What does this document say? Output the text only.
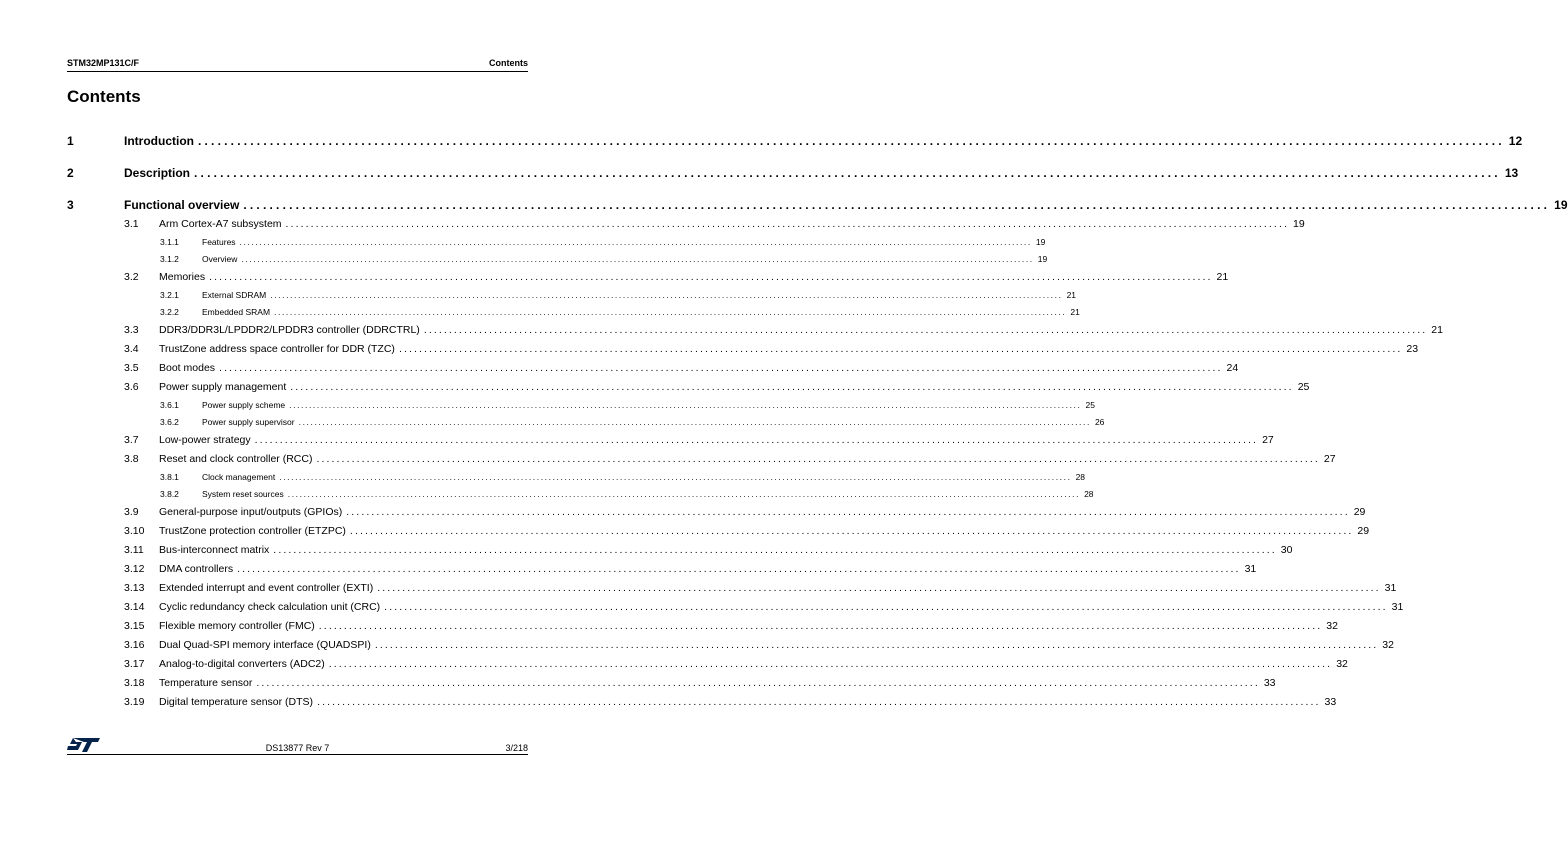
STM32MP131C/F	Contents
Contents
1	Introduction ........................................................................................................................................................................................................ 12
2	Description ........................................................................................................................................................................................................ 13
3	Functional overview ........................................................................................................................................................................................................ 19
3.1 Arm Cortex-A7 subsystem ........................................................................................................................................................................................................ 19
3.1.1	Features ........................................................................................................................................................................................................ 19
3.1.2	Overview ........................................................................................................................................................................................................ 19
3.2 Memories ........................................................................................................................................................................................................ 21
3.2.1	External SDRAM ........................................................................................................................................................................................................ 21
3.2.2	Embedded SRAM ........................................................................................................................................................................................................ 21
3.3 DDR3/DDR3L/LPDDR2/LPDDR3 controller (DDRCTRL) ........................................................................................................................................................................................................ 21
3.4 TrustZone address space controller for DDR (TZC) ........................................................................................................................................................................................................ 23
3.5 Boot modes ........................................................................................................................................................................................................ 24
3.6 Power supply management ........................................................................................................................................................................................................ 25
3.6.1	Power supply scheme ........................................................................................................................................................................................................ 25
3.6.2	Power supply supervisor ........................................................................................................................................................................................................ 26
3.7 Low-power strategy ........................................................................................................................................................................................................ 27
3.8 Reset and clock controller (RCC) ........................................................................................................................................................................................................ 27
3.8.1	Clock management ........................................................................................................................................................................................................ 28
3.8.2	System reset sources ........................................................................................................................................................................................................ 28
3.9 General-purpose input/outputs (GPIOs) ........................................................................................................................................................................................................ 29
3.10 TrustZone protection controller (ETZPC) ........................................................................................................................................................................................................ 29
3.11 Bus-interconnect matrix ........................................................................................................................................................................................................ 30
3.12 DMA controllers ........................................................................................................................................................................................................ 31
3.13 Extended interrupt and event controller (EXTI) ........................................................................................................................................................................................................ 31
3.14 Cyclic redundancy check calculation unit (CRC) ........................................................................................................................................................................................................ 31
3.15 Flexible memory controller (FMC) ........................................................................................................................................................................................................ 32
3.16 Dual Quad-SPI memory interface (QUADSPI) ........................................................................................................................................................................................................ 32
3.17 Analog-to-digital converters (ADC2) ........................................................................................................................................................................................................ 32
3.18 Temperature sensor ........................................................................................................................................................................................................ 33
3.19 Digital temperature sensor (DTS) ........................................................................................................................................................................................................ 33
DS13877 Rev 7	3/218
